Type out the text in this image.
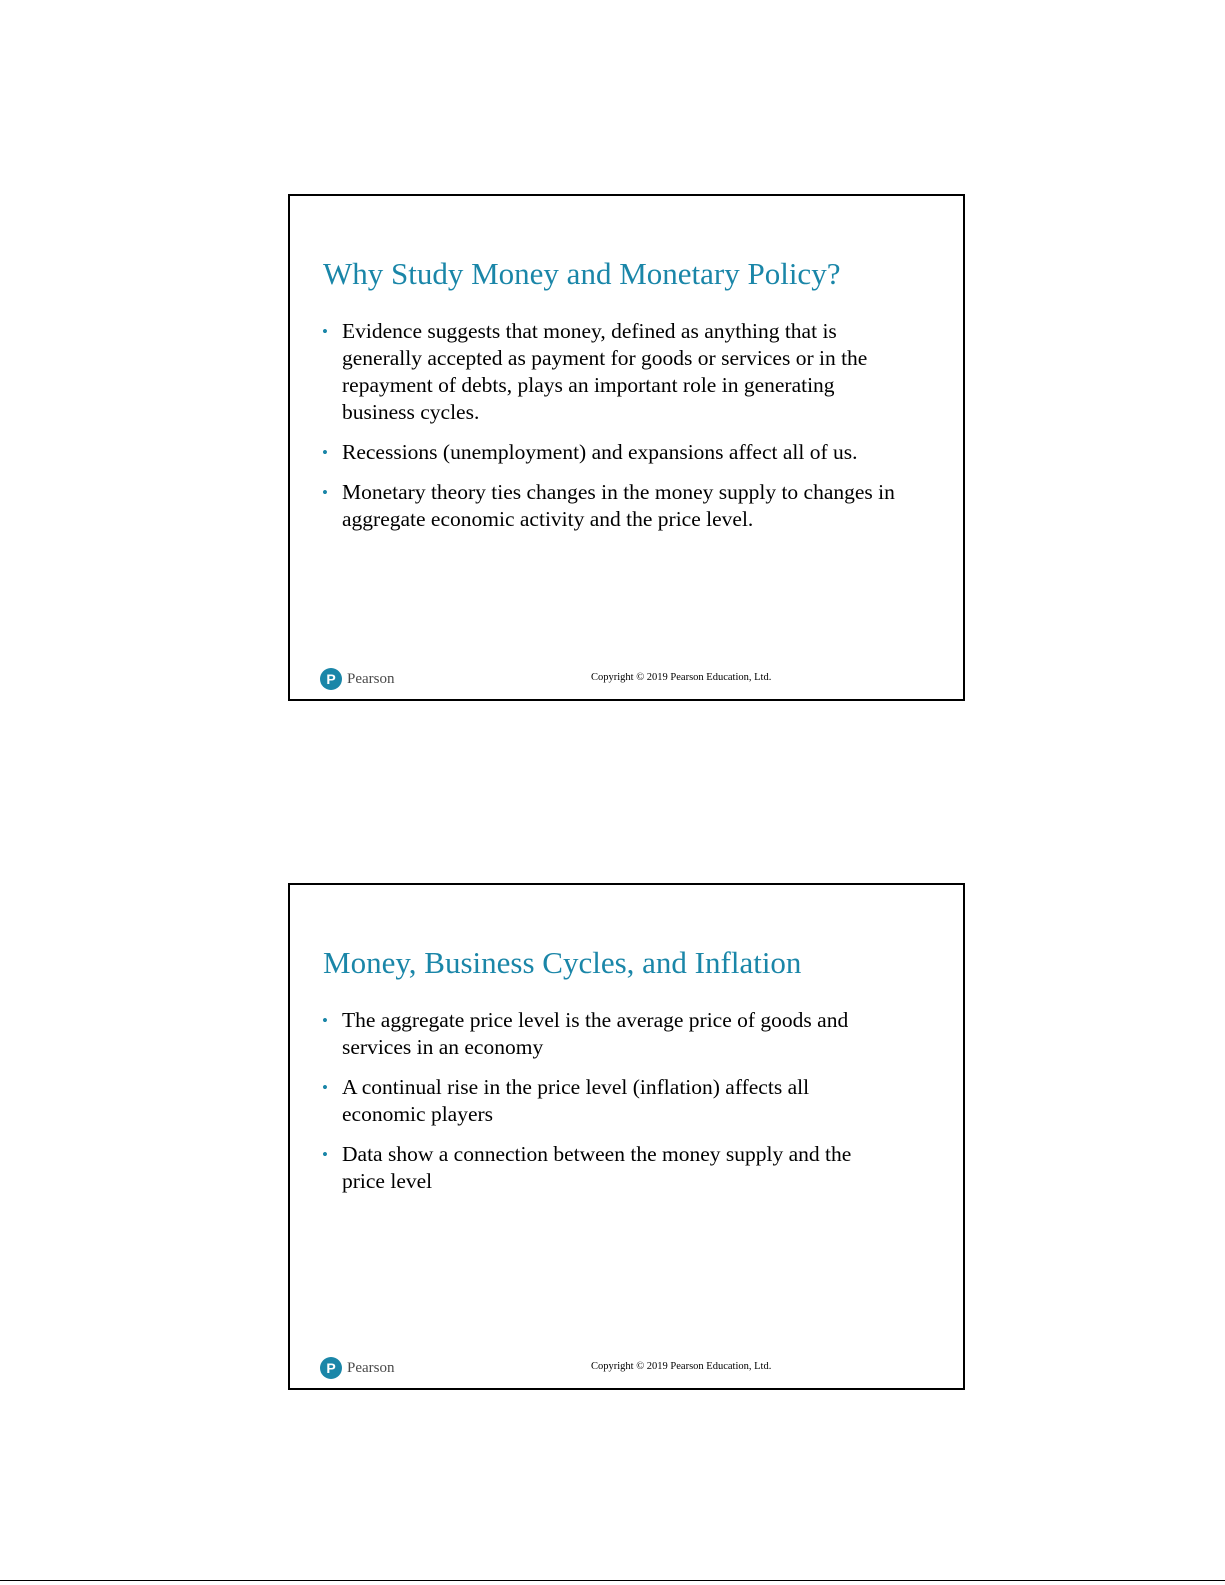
Why Study Money and Monetary Policy?
• Evidence suggests that money, defined as anything that is generally accepted as payment for goods or services or in the repayment of debts, plays an important role in generating business cycles.
• Recessions (unemployment) and expansions affect all of us.
• Monetary theory ties changes in the money supply to changes in aggregate economic activity and the price level.
P Pearson	Copyright © 2019 Pearson Education, Ltd.
Money, Business Cycles, and Inflation
• The aggregate price level is the average price of goods and services in an economy
• A continual rise in the price level (inflation) affects all economic players
• Data show a connection between the money supply and the price level
P Pearson	Copyright © 2019 Pearson Education, Ltd.
